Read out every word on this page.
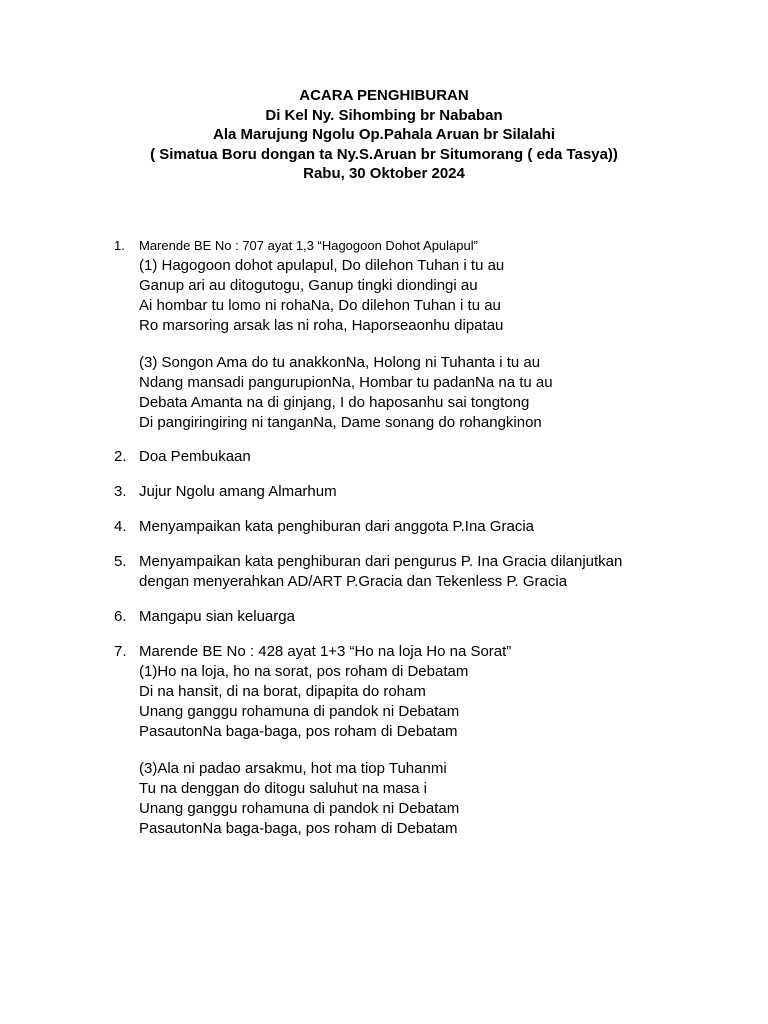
ACARA PENGHIBURAN
Di Kel Ny. Sihombing br Nababan
Ala Marujung Ngolu Op.Pahala Aruan br Silalahi
( Simatua Boru dongan ta Ny.S.Aruan br Situmorang ( eda Tasya))
Rabu, 30 Oktober 2024
1.	Marende BE No : 707 ayat 1,3 “Hagogoon Dohot Apulapul”
(1) Hagogoon dohot apulapul, Do dilehon Tuhan i tu au
Ganup ari au ditogutogu, Ganup tingki diondingi au
Ai hombar tu lomo ni rohaNa, Do dilehon Tuhan i tu au
Ro marsoring arsak las ni roha, Haporseaonhu dipatau
(3) Songon Ama do tu anakkonNa, Holong ni Tuhanta i tu au
Ndang mansadi pangurupionNa, Hombar tu padanNa na tu au
Debata Amanta na di ginjang, I do haposanhu sai tongtong
Di pangiringiring ni tanganNa, Dame sonang do rohangkinon
2. Doa Pembukaan
3. Jujur Ngolu amang Almarhum
4. Menyampaikan kata penghiburan dari anggota P.Ina Gracia
5. Menyampaikan kata penghiburan dari pengurus P. Ina Gracia dilanjutkan
dengan menyerahkan AD/ART P.Gracia dan Tekenless P. Gracia
6. Mangapu sian keluarga
7. Marende BE No : 428 ayat 1+3 “Ho na loja Ho na Sorat”
(1)Ho na loja, ho na sorat, pos roham di Debatam
Di na hansit, di na borat, dipapita do roham
Unang ganggu rohamuna di pandok ni Debatam
PasautonNa baga-baga, pos roham di Debatam
(3)Ala ni padao arsakmu, hot ma tiop Tuhanmi
Tu na denggan do ditogu saluhut na masa i
Unang ganggu rohamuna di pandok ni Debatam
PasautonNa baga-baga, pos roham di Debatam
